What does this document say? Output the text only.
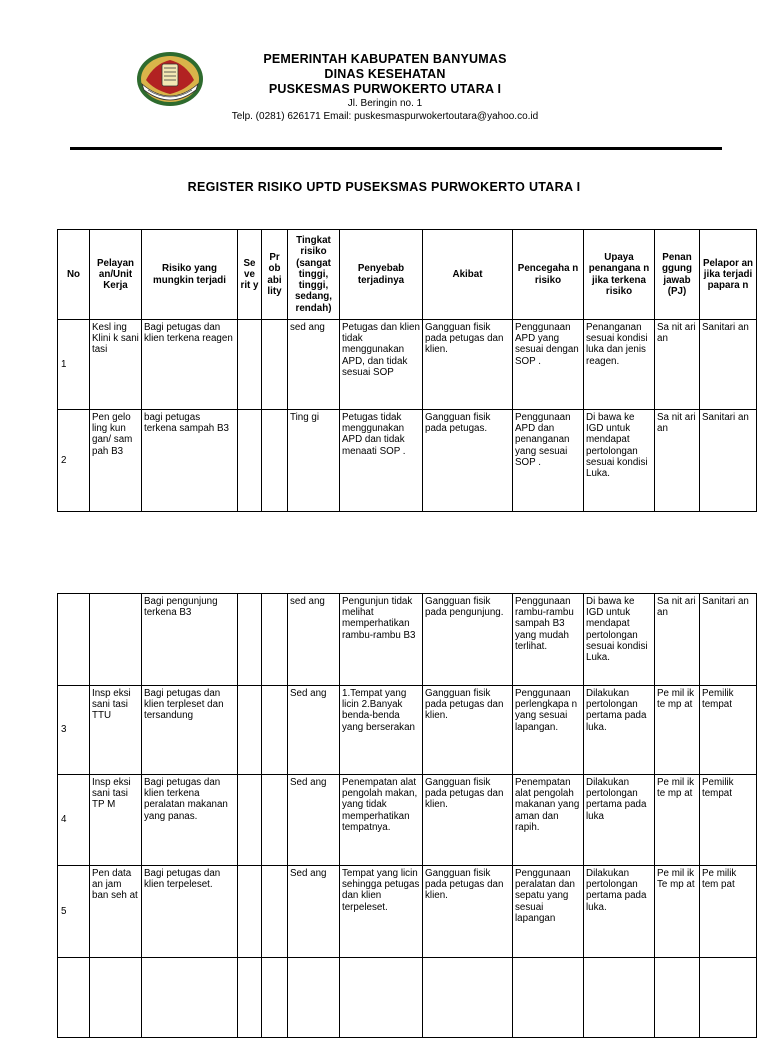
PEMERINTAH KABUPATEN BANYUMAS
DINAS KESEHATAN
PUSKESMAS PURWOKERTO UTARA I
Jl. Beringin no. 1
Telp. (0281) 626171 Email: puskesmaspurwokertoutara@yahoo.co.id
REGISTER RISIKO UPTD PUSEKSMAS PURWOKERTO UTARA I
No	Pelayan an/Unit Kerja	Risiko yang mungkin terjadi	Se ve rit y	Pr ob abi lity	Tingkat risiko (sangat tinggi, tinggi, sedang, rendah)	Penyebab terjadinya	Akibat	Pencegaha n risiko	Upaya penangana n jika terkena risiko	Penan ggung jawab (PJ)	Pelapor an jika terjadi papara n
1	Kesl ing Klini k sani tasi	Bagi petugas dan klien terkena reagen			sed ang	Petugas dan klien tidak menggunakan APD, dan tidak sesuai SOP	Gangguan fisik pada petugas dan klien.	Penggunaan APD yang sesuai dengan SOP .	Penanganan sesuai kondisi luka dan jenis reagen.	Sa nit ari an	Sanitari an
2	Pen gelo ling kun gan/ sam pah B3	bagi petugas terkena sampah B3			Ting gi	Petugas tidak menggunakan APD dan tidak menaati SOP .	Gangguan fisik pada petugas.	Penggunaan APD dan penanganan yang sesuai SOP .	Di bawa ke IGD untuk mendapat pertolongan sesuai kondisi Luka.	Sa nit ari an	Sanitari an
		Bagi pengunjung terkena B3			sed ang	Pengunjun tidak melihat memperhatikan rambu-rambu B3	Gangguan fisik pada pengunjung.	Penggunaan rambu-rambu sampah B3 yang mudah terlihat.	Di bawa ke IGD untuk mendapat pertolongan sesuai kondisi Luka.	Sa nit ari an	Sanitari an
3	Insp eksi sani tasi TTU	Bagi petugas dan klien terpleset dan tersandung			Sed ang	1.Tempat yang licin 2.Banyak benda-benda yang berserakan	Gangguan fisik pada petugas dan klien.	Penggunaan perlengkapa n yang sesuai lapangan.	Dilakukan pertolongan pertama pada luka.	Pe mil ik te mp at	Pemilik tempat
4	Insp eksi sani tasi TP M	Bagi petugas dan klien terkena peralatan makanan yang panas.			Sed ang	Penempatan alat pengolah makan, yang tidak memperhatikan tempatnya.	Gangguan fisik pada petugas dan klien.	Penempatan alat pengolah makanan yang aman dan rapih.	Dilakukan pertolongan pertama pada luka	Pe mil ik te mp at	Pemilik tempat
5	Pen data an jam ban seh at	Bagi petugas dan klien terpeleset.			Sed ang	Tempat yang licin sehingga petugas dan klien terpeleset.	Gangguan fisik pada petugas dan klien.	Penggunaan peralatan dan sepatu yang sesuai lapangan	Dilakukan pertolongan pertama pada luka.	Pe mil ik Te mp at	Pe milik tem pat
